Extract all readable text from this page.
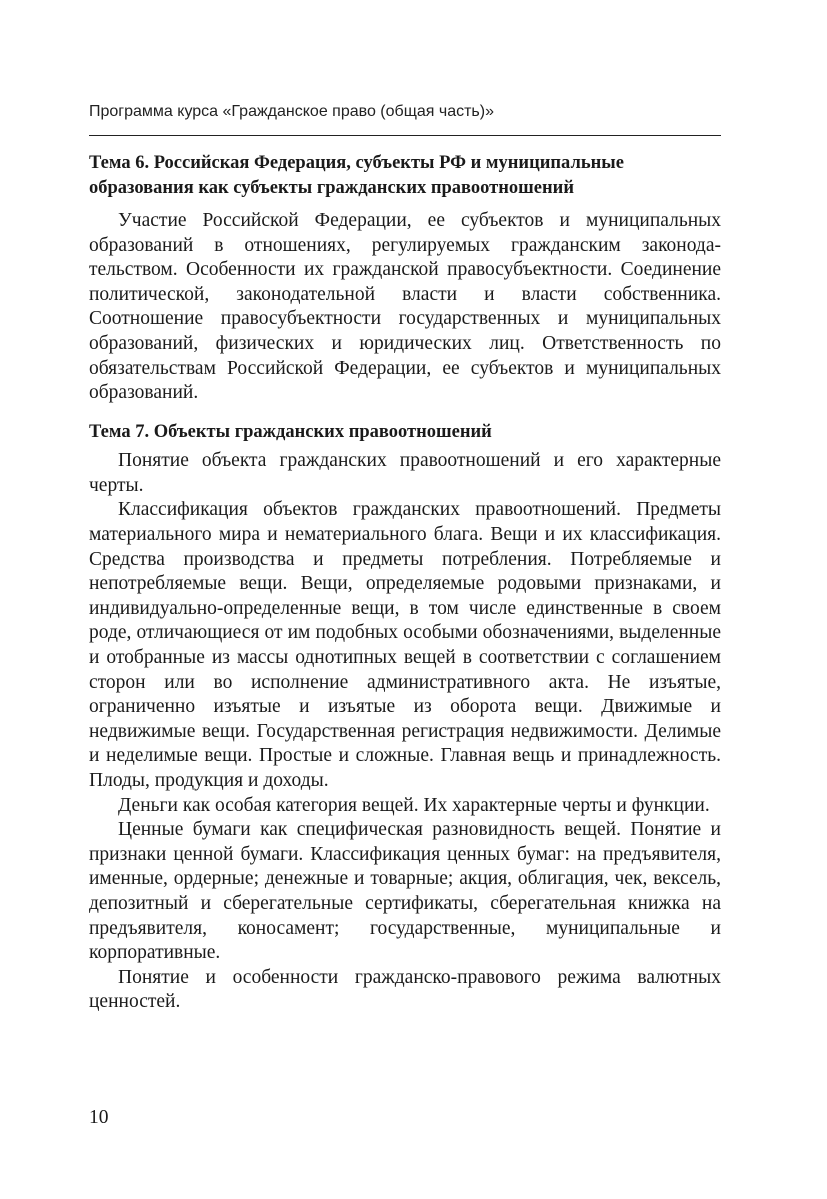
Программа курса «Гражданское право (общая часть)»
Тема 6. Российская Федерация, субъекты РФ и муниципальные образования как субъекты гражданских правоотношений

Участие Российской Федерации, ее субъектов и муниципальных образований в отношениях, регулируемых гражданским законодательством. Особенности их гражданской правосубъектности. Соединение политической, законодательной власти и власти собственника. Соотношение правосубъектности государственных и муниципальных образований, физических и юридических лиц. Ответственность по обязательствам Российской Федерации, ее субъектов и муниципальных образований.

Тема 7. Объекты гражданских правоотношений

Понятие объекта гражданских правоотношений и его характерные черты.

Классификация объектов гражданских правоотношений. Предметы материального мира и нематериального блага. Вещи и их классификация. Средства производства и предметы потребления. Потребляемые и непотребляемые вещи. Вещи, определяемые родовыми признаками, и индивидуально-определенные вещи, в том числе единственные в своем роде, отличающиеся от им подобных особыми обозначениями, выделенные и отобранные из массы однотипных вещей в соответствии с соглашением сторон или во исполнение административного акта. Не изъятые, ограниченно изъятые и изъятые из оборота вещи. Движимые и недвижимые вещи. Государственная регистрация недвижимости. Делимые и неделимые вещи. Простые и сложные. Главная вещь и принадлежность. Плоды, продукция и доходы.

Деньги как особая категория вещей. Их характерные черты и функции.

Ценные бумаги как специфическая разновидность вещей. Понятие и признаки ценной бумаги. Классификация ценных бумаг: на предъявителя, именные, ордерные; денежные и товарные; акция, облигация, чек, вексель, депозитный и сберегательные сертификаты, сберегательная книжка на предъявителя, коносамент; государственные, муниципальные и корпоративные.

Понятие и особенности гражданско-правового режима валютных ценностей.

10
